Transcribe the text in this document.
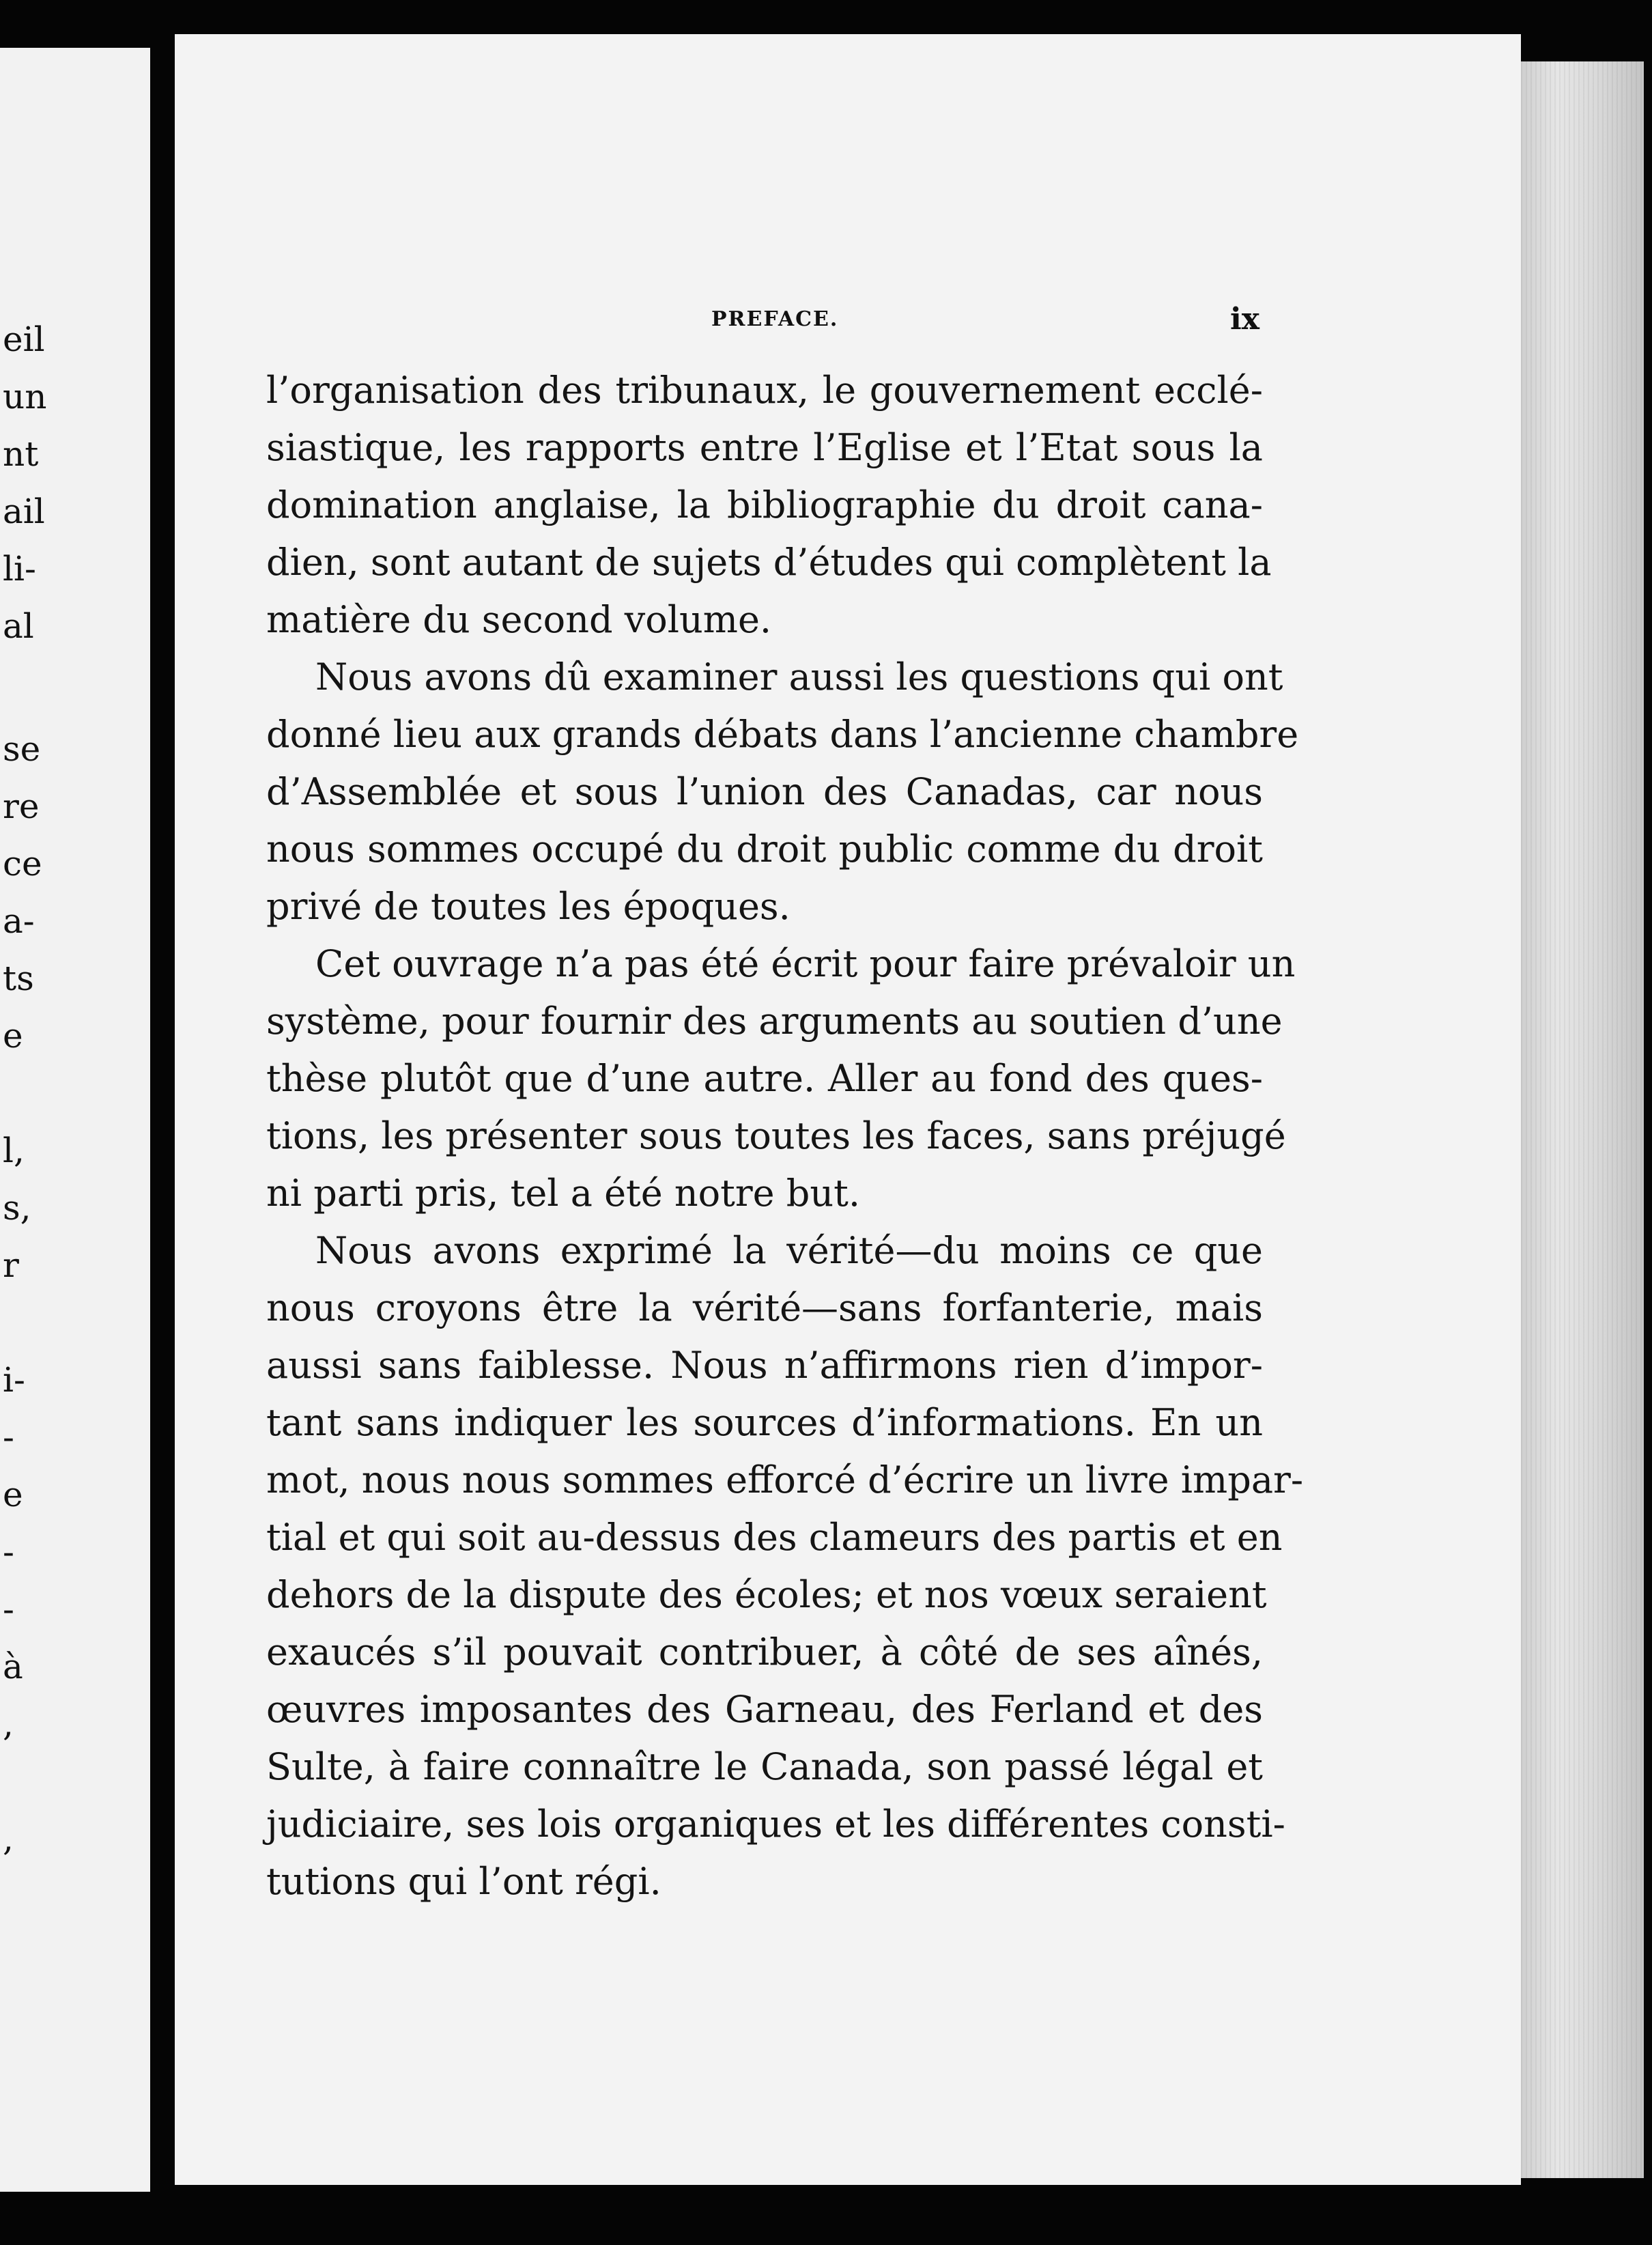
eil
un
nt
ail
li-
al
se
re
ce
a-
ts
e
l,
s,
r
i-
-
e
-
-
à
,
,
PREFACE.	ix
l’organisation des tribunaux, le gouvernement ecclé-
siastique, les rapports entre l’Eglise et l’Etat sous la
domination anglaise, la bibliographie du droit cana-
dien, sont autant de sujets d’études qui complètent la
matière du second volume.
Nous avons dû examiner aussi les questions qui ont
donné lieu aux grands débats dans l’ancienne chambre
d’Assemblée et sous l’union des Canadas, car nous
nous sommes occupé du droit public comme du droit
privé de toutes les époques.
Cet ouvrage n’a pas été écrit pour faire prévaloir un
système, pour fournir des arguments au soutien d’une
thèse plutôt que d’une autre. Aller au fond des ques-
tions, les présenter sous toutes les faces, sans préjugé
ni parti pris, tel a été notre but.
Nous avons exprimé la vérité—du moins ce que
nous croyons être la vérité—sans forfanterie, mais
aussi sans faiblesse. Nous n’affirmons rien d’impor-
tant sans indiquer les sources d’informations. En un
mot, nous nous sommes efforcé d’écrire un livre impar-
tial et qui soit au-dessus des clameurs des partis et en
dehors de la dispute des écoles; et nos vœux seraient
exaucés s’il pouvait contribuer, à côté de ses aînés,
œuvres imposantes des Garneau, des Ferland et des
Sulte, à faire connaître le Canada, son passé légal et
judiciaire, ses lois organiques et les différentes consti-
tutions qui l’ont régi.
